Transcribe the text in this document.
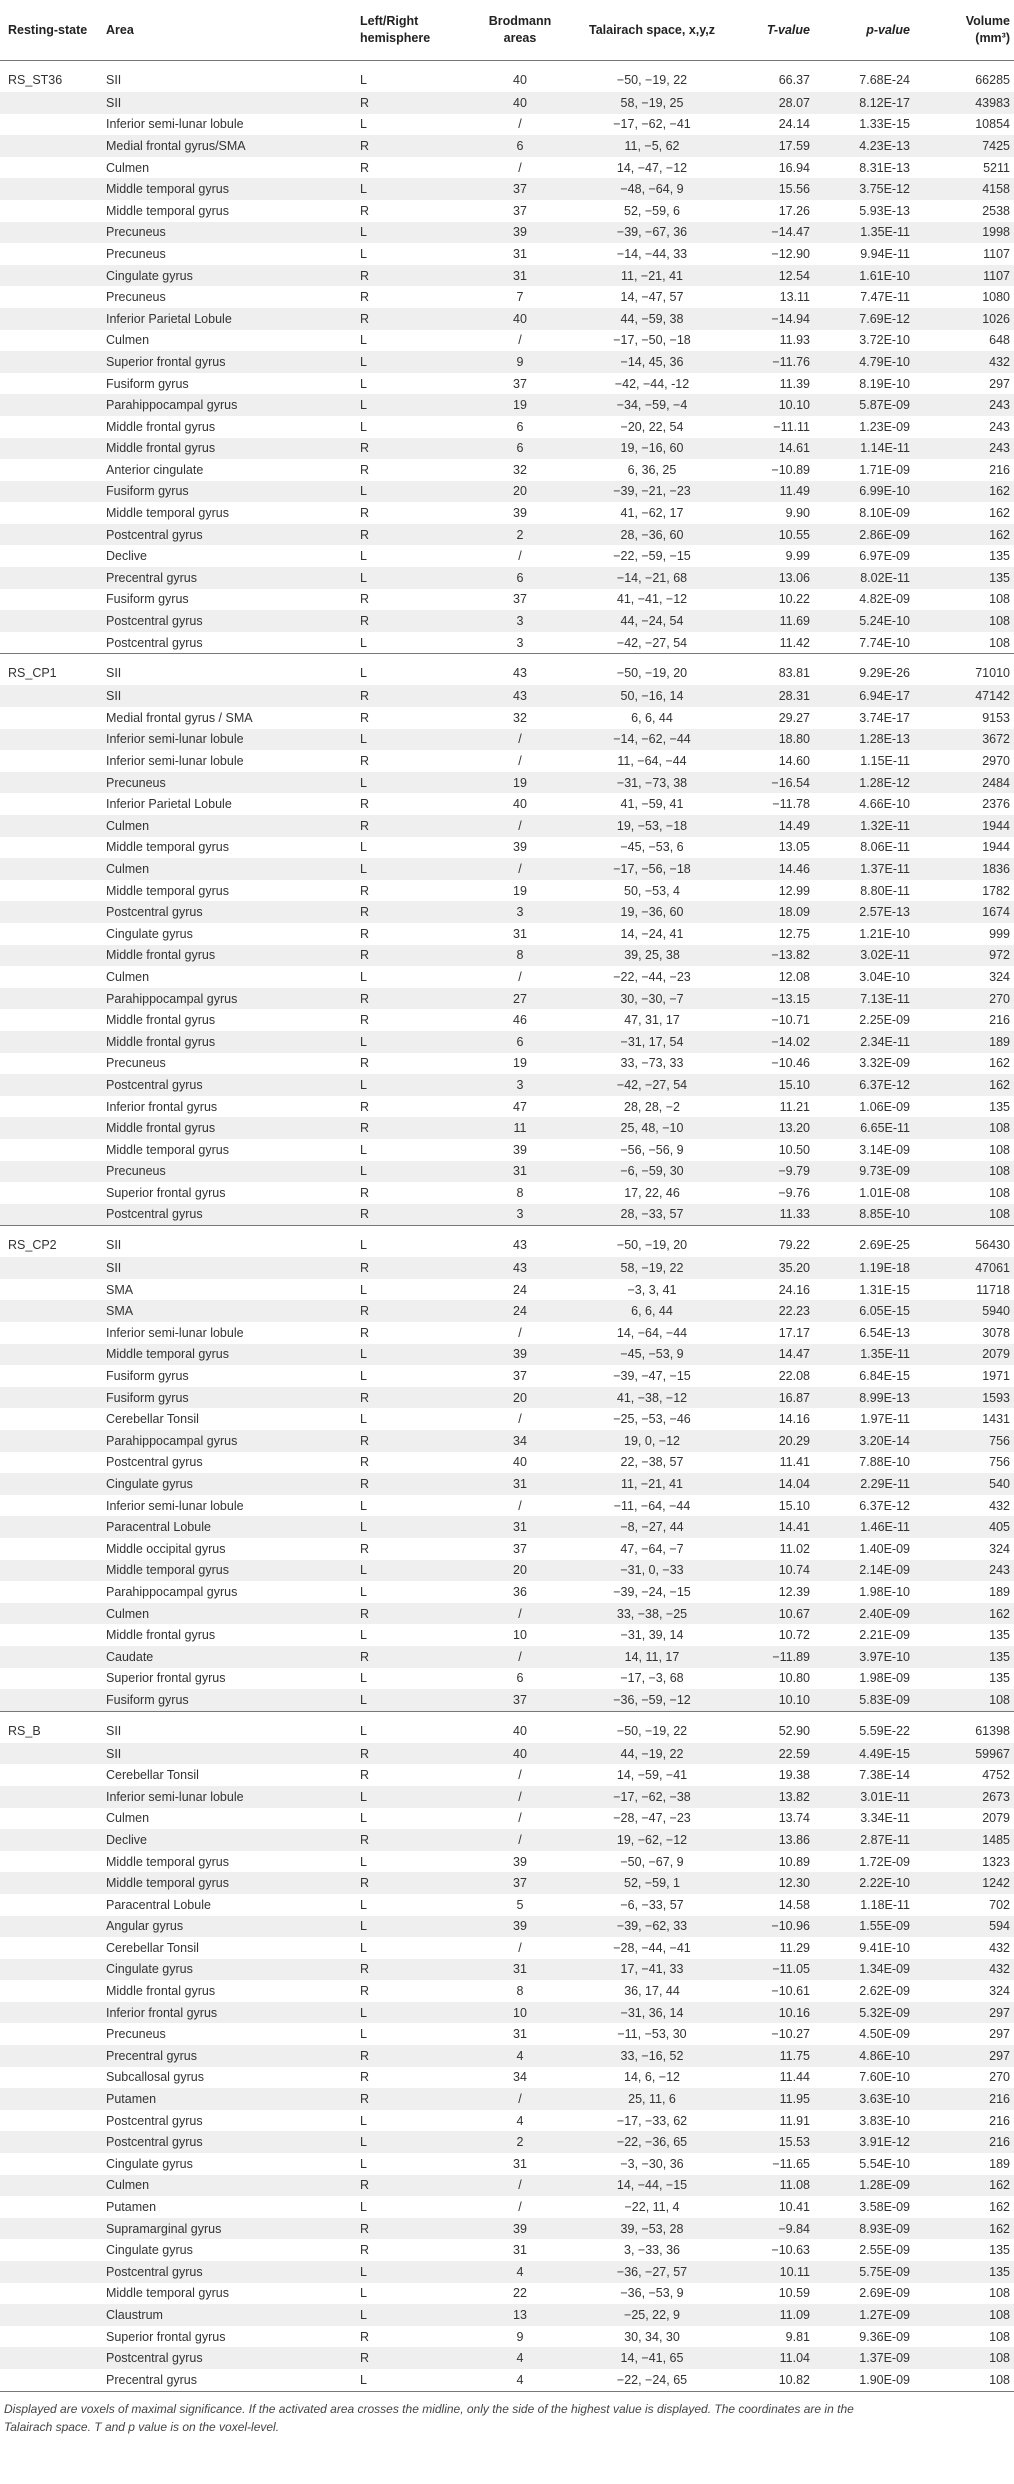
Resting-state	Area	Left/Right hemisphere	Brodmann areas	Talairach space, x,y,z	T-value	p-value	Volume (mm³)
RS_ST36	SII	L	40	−50, −19, 22	66.37	7.68E-24	66285
	SII	R	40	58, −19, 25	28.07	8.12E-17	43983
	Inferior semi-lunar lobule	L	/	−17, −62, −41	24.14	1.33E-15	10854
	Medial frontal gyrus/SMA	R	6	11, −5, 62	17.59	4.23E-13	7425
	Culmen	R	/	14, −47, −12	16.94	8.31E-13	5211
	Middle temporal gyrus	L	37	−48, −64, 9	15.56	3.75E-12	4158
	Middle temporal gyrus	R	37	52, −59, 6	17.26	5.93E-13	2538
	Precuneus	L	39	−39, −67, 36	−14.47	1.35E-11	1998
	Precuneus	L	31	−14, −44, 33	−12.90	9.94E-11	1107
	Cingulate gyrus	R	31	11, −21, 41	12.54	1.61E-10	1107
	Precuneus	R	7	14, −47, 57	13.11	7.47E-11	1080
	Inferior Parietal Lobule	R	40	44, −59, 38	−14.94	7.69E-12	1026
	Culmen	L	/	−17, −50, −18	11.93	3.72E-10	648
	Superior frontal gyrus	L	9	−14, 45, 36	−11.76	4.79E-10	432
	Fusiform gyrus	L	37	−42, −44, -12	11.39	8.19E-10	297
	Parahippocampal gyrus	L	19	−34, −59, −4	10.10	5.87E-09	243
	Middle frontal gyrus	L	6	−20, 22, 54	−11.11	1.23E-09	243
	Middle frontal gyrus	R	6	19, −16, 60	14.61	1.14E-11	243
	Anterior cingulate	R	32	6, 36, 25	−10.89	1.71E-09	216
	Fusiform gyrus	L	20	−39, −21, −23	11.49	6.99E-10	162
	Middle temporal gyrus	R	39	41, −62, 17	9.90	8.10E-09	162
	Postcentral gyrus	R	2	28, −36, 60	10.55	2.86E-09	162
	Declive	L	/	−22, −59, −15	9.99	6.97E-09	135
	Precentral gyrus	L	6	−14, −21, 68	13.06	8.02E-11	135
	Fusiform gyrus	R	37	41, −41, −12	10.22	4.82E-09	108
	Postcentral gyrus	R	3	44, −24, 54	11.69	5.24E-10	108
	Postcentral gyrus	L	3	−42, −27, 54	11.42	7.74E-10	108
RS_CP1	SII	L	43	−50, −19, 20	83.81	9.29E-26	71010
	SII	R	43	50, −16, 14	28.31	6.94E-17	47142
	Medial frontal gyrus / SMA	R	32	6, 6, 44	29.27	3.74E-17	9153
	Inferior semi-lunar lobule	L	/	−14, −62, −44	18.80	1.28E-13	3672
	Inferior semi-lunar lobule	R	/	11, −64, −44	14.60	1.15E-11	2970
	Precuneus	L	19	−31, −73, 38	−16.54	1.28E-12	2484
	Inferior Parietal Lobule	R	40	41, −59, 41	−11.78	4.66E-10	2376
	Culmen	R	/	19, −53, −18	14.49	1.32E-11	1944
	Middle temporal gyrus	L	39	−45, −53, 6	13.05	8.06E-11	1944
	Culmen	L	/	−17, −56, −18	14.46	1.37E-11	1836
	Middle temporal gyrus	R	19	50, −53, 4	12.99	8.80E-11	1782
	Postcentral gyrus	R	3	19, −36, 60	18.09	2.57E-13	1674
	Cingulate gyrus	R	31	14, −24, 41	12.75	1.21E-10	999
	Middle frontal gyrus	R	8	39, 25, 38	−13.82	3.02E-11	972
	Culmen	L	/	−22, −44, −23	12.08	3.04E-10	324
	Parahippocampal gyrus	R	27	30, −30, −7	−13.15	7.13E-11	270
	Middle frontal gyrus	R	46	47, 31, 17	−10.71	2.25E-09	216
	Middle frontal gyrus	L	6	−31, 17, 54	−14.02	2.34E-11	189
	Precuneus	R	19	33, −73, 33	−10.46	3.32E-09	162
	Postcentral gyrus	L	3	−42, −27, 54	15.10	6.37E-12	162
	Inferior frontal gyrus	R	47	28, 28, −2	11.21	1.06E-09	135
	Middle frontal gyrus	R	11	25, 48, −10	13.20	6.65E-11	108
	Middle temporal gyrus	L	39	−56, −56, 9	10.50	3.14E-09	108
	Precuneus	L	31	−6, −59, 30	−9.79	9.73E-09	108
	Superior frontal gyrus	R	8	17, 22, 46	−9.76	1.01E-08	108
	Postcentral gyrus	R	3	28, −33, 57	11.33	8.85E-10	108
RS_CP2	SII	L	43	−50, −19, 20	79.22	2.69E-25	56430
	SII	R	43	58, −19, 22	35.20	1.19E-18	47061
	SMA	L	24	−3, 3, 41	24.16	1.31E-15	11718
	SMA	R	24	6, 6, 44	22.23	6.05E-15	5940
	Inferior semi-lunar lobule	R	/	14, −64, −44	17.17	6.54E-13	3078
	Middle temporal gyrus	L	39	−45, −53, 9	14.47	1.35E-11	2079
	Fusiform gyrus	L	37	−39, −47, −15	22.08	6.84E-15	1971
	Fusiform gyrus	R	20	41, −38, −12	16.87	8.99E-13	1593
	Cerebellar Tonsil	L	/	−25, −53, −46	14.16	1.97E-11	1431
	Parahippocampal gyrus	R	34	19, 0, −12	20.29	3.20E-14	756
	Postcentral gyrus	R	40	22, −38, 57	11.41	7.88E-10	756
	Cingulate gyrus	R	31	11, −21, 41	14.04	2.29E-11	540
	Inferior semi-lunar lobule	L	/	−11, −64, −44	15.10	6.37E-12	432
	Paracentral Lobule	L	31	−8, −27, 44	14.41	1.46E-11	405
	Middle occipital gyrus	R	37	47, −64, −7	11.02	1.40E-09	324
	Middle temporal gyrus	L	20	−31, 0, −33	10.74	2.14E-09	243
	Parahippocampal gyrus	L	36	−39, −24, −15	12.39	1.98E-10	189
	Culmen	R	/	33, −38, −25	10.67	2.40E-09	162
	Middle frontal gyrus	L	10	−31, 39, 14	10.72	2.21E-09	135
	Caudate	R	/	14, 11, 17	−11.89	3.97E-10	135
	Superior frontal gyrus	L	6	−17, −3, 68	10.80	1.98E-09	135
	Fusiform gyrus	L	37	−36, −59, −12	10.10	5.83E-09	108
RS_B	SII	L	40	−50, −19, 22	52.90	5.59E-22	61398
	SII	R	40	44, −19, 22	22.59	4.49E-15	59967
	Cerebellar Tonsil	R	/	14, −59, −41	19.38	7.38E-14	4752
	Inferior semi-lunar lobule	L	/	−17, −62, −38	13.82	3.01E-11	2673
	Culmen	L	/	−28, −47, −23	13.74	3.34E-11	2079
	Declive	R	/	19, −62, −12	13.86	2.87E-11	1485
	Middle temporal gyrus	L	39	−50, −67, 9	10.89	1.72E-09	1323
	Middle temporal gyrus	R	37	52, −59, 1	12.30	2.22E-10	1242
	Paracentral Lobule	L	5	−6, −33, 57	14.58	1.18E-11	702
	Angular gyrus	L	39	−39, −62, 33	−10.96	1.55E-09	594
	Cerebellar Tonsil	L	/	−28, −44, −41	11.29	9.41E-10	432
	Cingulate gyrus	R	31	17, −41, 33	−11.05	1.34E-09	432
	Middle frontal gyrus	R	8	36, 17, 44	−10.61	2.62E-09	324
	Inferior frontal gyrus	L	10	−31, 36, 14	10.16	5.32E-09	297
	Precuneus	L	31	−11, −53, 30	−10.27	4.50E-09	297
	Precentral gyrus	R	4	33, −16, 52	11.75	4.86E-10	297
	Subcallosal gyrus	R	34	14, 6, −12	11.44	7.60E-10	270
	Putamen	R	/	25, 11, 6	11.95	3.63E-10	216
	Postcentral gyrus	L	4	−17, −33, 62	11.91	3.83E-10	216
	Postcentral gyrus	L	2	−22, −36, 65	15.53	3.91E-12	216
	Cingulate gyrus	L	31	−3, −30, 36	−11.65	5.54E-10	189
	Culmen	R	/	14, −44, −15	11.08	1.28E-09	162
	Putamen	L	/	−22, 11, 4	10.41	3.58E-09	162
	Supramarginal gyrus	R	39	39, −53, 28	−9.84	8.93E-09	162
	Cingulate gyrus	R	31	3, −33, 36	−10.63	2.55E-09	135
	Postcentral gyrus	L	4	−36, −27, 57	10.11	5.75E-09	135
	Middle temporal gyrus	L	22	−36, −53, 9	10.59	2.69E-09	108
	Claustrum	L	13	−25, 22, 9	11.09	1.27E-09	108
	Superior frontal gyrus	R	9	30, 34, 30	9.81	9.36E-09	108
	Postcentral gyrus	R	4	14, −41, 65	11.04	1.37E-09	108
	Precentral gyrus	L	4	−22, −24, 65	10.82	1.90E-09	108
Displayed are voxels of maximal significance. If the activated area crosses the midline, only the side of the highest value is displayed. The coordinates are in the
Talairach space. T and p value is on the voxel-level.
